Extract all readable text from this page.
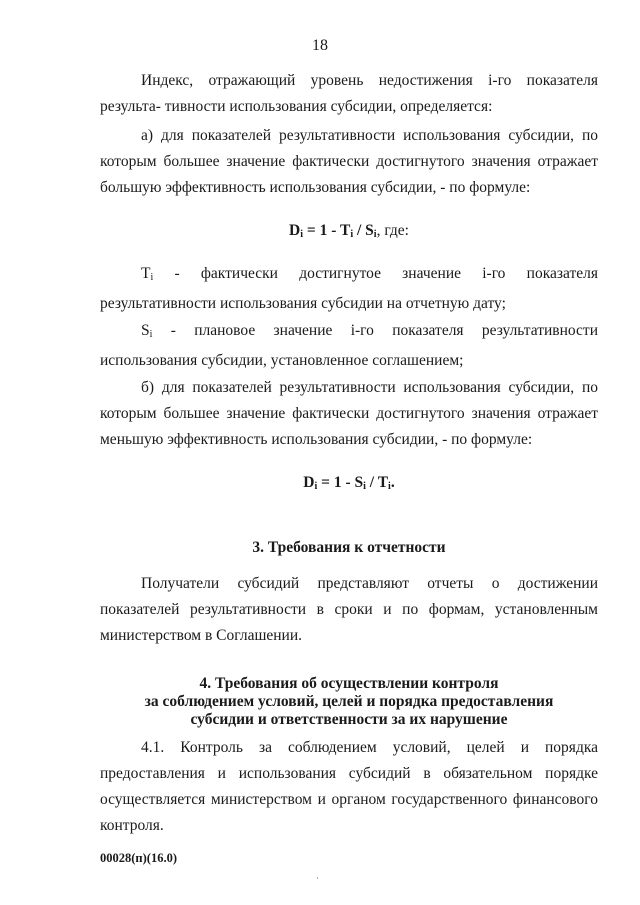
18

Индекс, отражающий уровень недостижения i-го показателя результа- тивности использования субсидии, определяется:

а) для показателей результативности использования субсидии, по которым большее значение фактически достигнутого значения отражает большую эффективность использования субсидии, - по формуле:

$D_i = 1 - T_i / S_i$, где:

$T_i$ - фактически достигнутое значение i-го показателя результативности использования субсидии на отчетную дату;

$S_i$ - плановое значение i-го показателя результативности использования субсидии, установленное соглашением;

б) для показателей результативности использования субсидии, по которым большее значение фактически достигнутого значения отражает меньшую эффективность использования субсидии, - по формуле:

$D_i = 1 - S_i / T_i$.
3. Требования к отчетности

Получатели субсидий представляют отчеты о достижении показателей результативности в сроки и по формам, установленным министерством в Соглашении.

4. Требования об осуществлении контроля
за соблюдением условий, целей и порядка предоставления
субсидии и ответственности за их нарушение

4.1. Контроль за соблюдением условий, целей и порядка предоставления и использования субсидий в обязательном порядке осуществляется министерством и органом государственного финансового контроля.

00028(п)(16.0)
·
